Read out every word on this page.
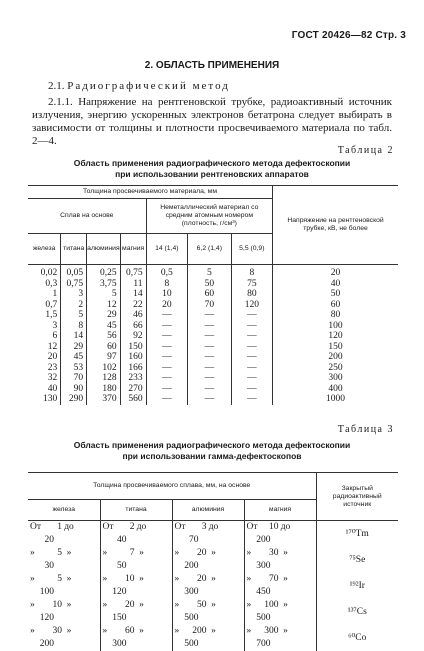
ГОСТ 20426—82 Стр. 3
2. ОБЛАСТЬ ПРИМЕНЕНИЯ
2.1. Радиографический метод
2.1.1. Напряжение на рентгеновской трубке, радиоактивный источник излучения, энергию ускоренных электронов бетатрона следует выбирать в зависимости от толщины и плотности просвечиваемого материала по табл. 2—4.
Таблица 2
Область применения радиографического метода дефектоскопии
при использовании рентгеновских аппаратов
Толщина просвечиваемого материала, мм							Напряжение на рентгеновской трубке, кВ, не более
Сплав на основе				Неметаллический материал со средним атомным номером (плотность, г/см³)			
железа	титана	алюминия	магния	14 (1,4)	6,2 (1,4)	5,5 (0,9)	
0,02	0,05	0,25	0,75	0,5	5	8	20
0,3	0,75	3,75	11	8	50	75	40
1	3	5	14	10	60	80	50
0,7	2	12	22	20	70	120	60
1,5	5	29	46	—	—	—	80
3	8	45	66	—	—	—	100
6	14	56	92	—	—	—	120
12	29	60	150	—	—	—	150
20	45	97	160	—	—	—	200
23	53	102	166	—	—	—	250
32	70	128	233	—	—	—	300
40	90	180	270	—	—	—	400
130	290	370	560	—	—	—	1000
Таблица 3
Область применения радиографического метода дефектоскопии
при использовании гамма-дефектоскопов
Толщина просвечиваемого сплава, мм, на основе				Закрытый радиоактивный источник
железа	титана	алюминия	магния	
От 1 до20	От 2 до40	От 3 до70	От 10 до200	¹⁷⁰Tm
» 5 »30	» 7 »50	» 20 »200	» 30 »300	⁷⁵Se
» 5 »100	» 10 »120	» 20 »300	» 70 »450	¹⁹²Ir
» 10 »120	» 20 »150	» 50 »500	» 100 »500	¹³⁷Cs
» 30 »200	» 60 »300	» 200 »500	» 300 »700	⁶⁰Co
